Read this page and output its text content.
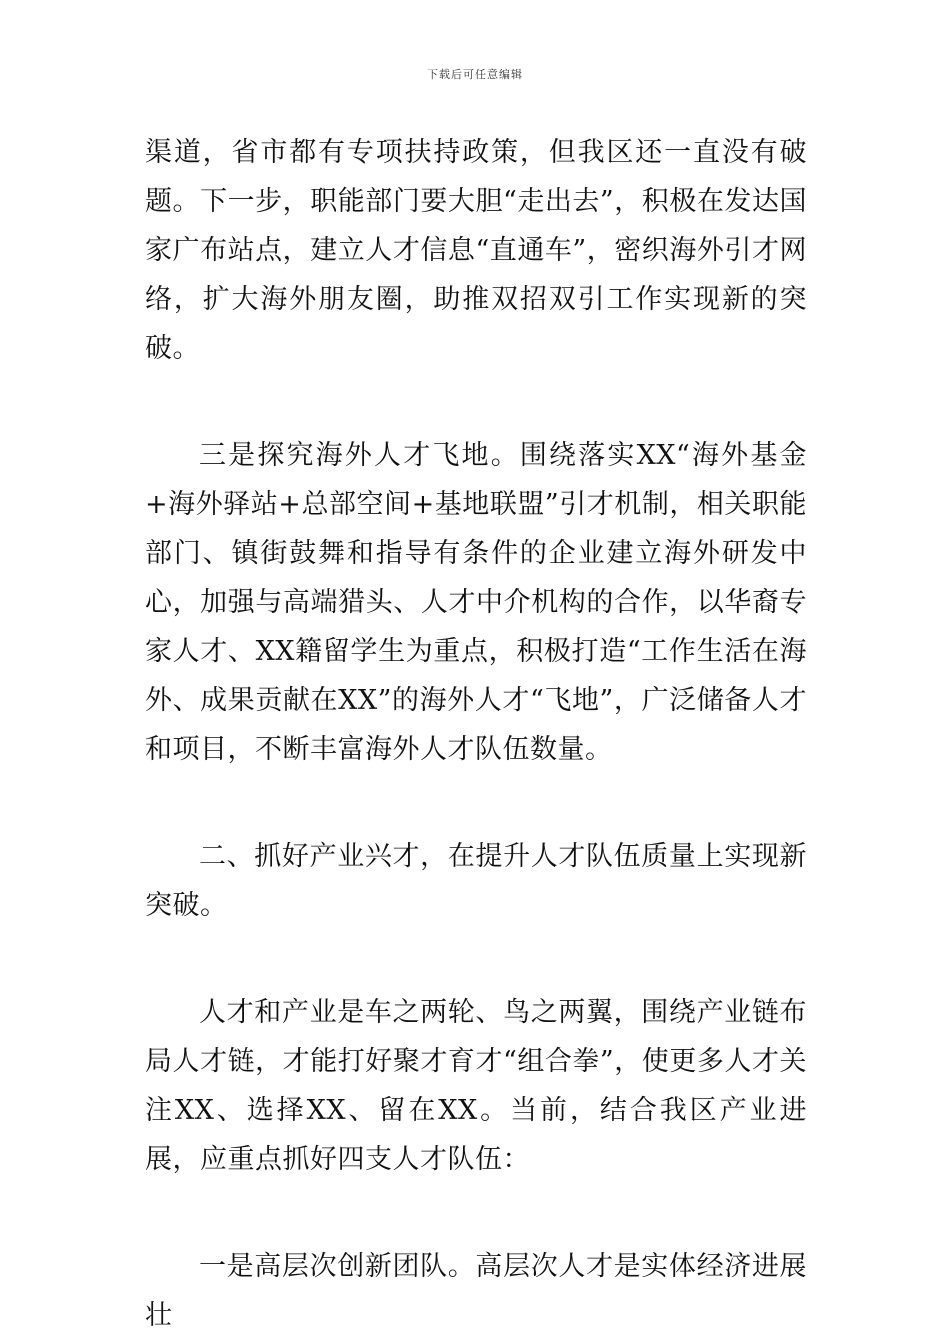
下载后可任意编辑

渠道，省市都有专项扶持政策，但我区还一直没有破题。下一步，职能部门要大胆“走出去”，积极在发达国家广布站点，建立人才信息“直通车”，密织海外引才网络，扩大海外朋友圈，助推双招双引工作实现新的突破。

三是探究海外人才飞地。围绕落实XX“海外基金+海外驿站+总部空间+基地联盟”引才机制，相关职能部门、镇街鼓舞和指导有条件的企业建立海外研发中心，加强与高端猎头、人才中介机构的合作，以华裔专家人才、XX籍留学生为重点，积极打造“工作生活在海外、成果贡献在XX”的海外人才“飞地”，广泛储备人才和项目，不断丰富海外人才队伍数量。

二、抓好产业兴才，在提升人才队伍质量上实现新突破。

人才和产业是车之两轮、鸟之两翼，围绕产业链布局人才链，才能打好聚才育才“组合拳”，使更多人才关注XX、选择XX、留在XX。当前，结合我区产业进展，应重点抓好四支人才队伍：

一是高层次创新团队。高层次人才是实体经济进展壮
